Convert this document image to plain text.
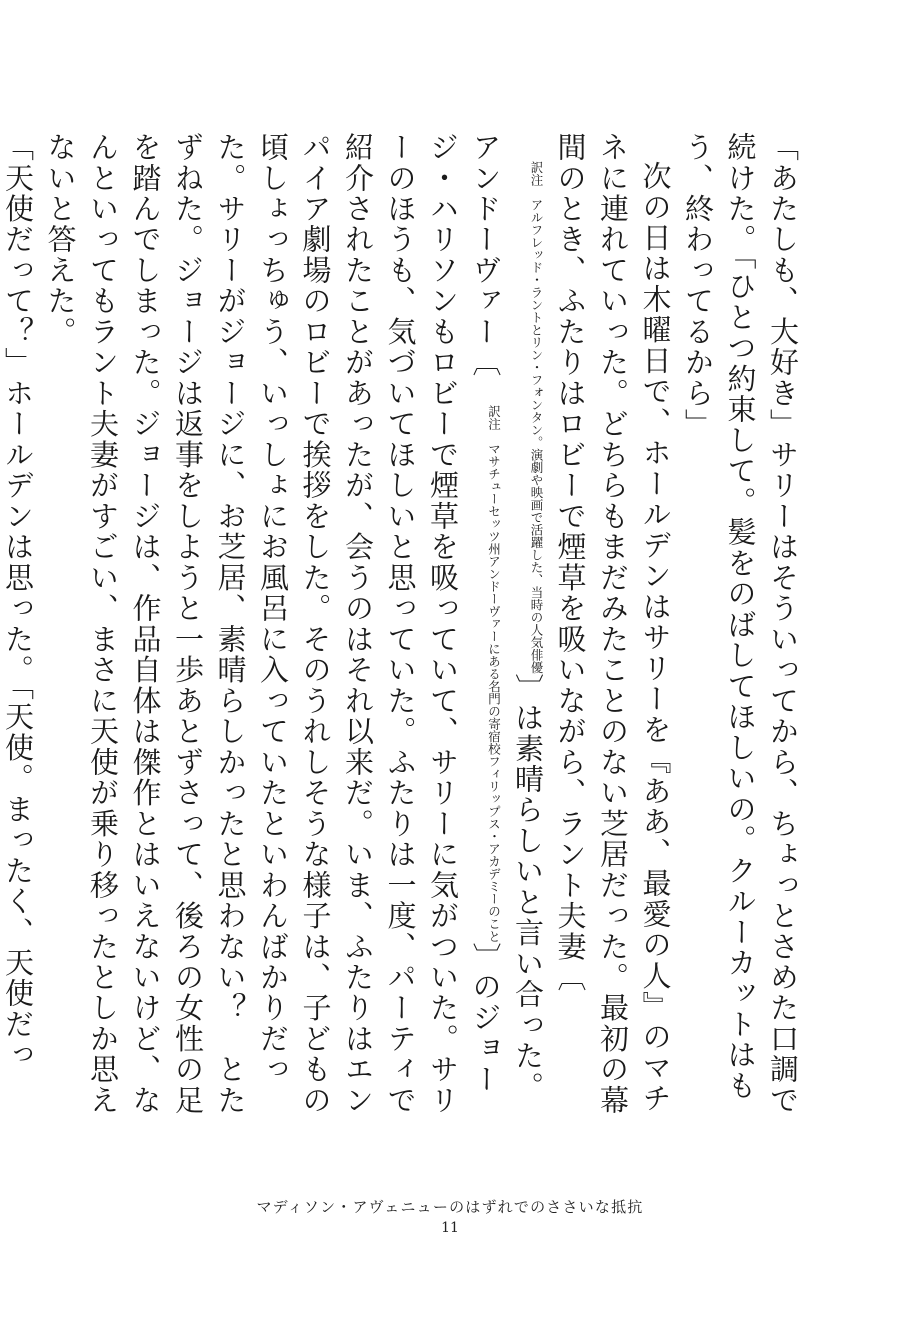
「あたしも、大好き」サリーはそういってから、ちょっとさめた口調で続けた。「ひとつ約束して。髪をのばしてほしいの。クルーカットはもう、終わってるから」

次の日は木曜日で、ホールデンはサリーを『ああ、最愛の人』のマチネに連れていった。どちらもまだみたことのない芝居だった。最初の幕間のとき、ふたりはロビーで煙草を吸いながら、ラント夫妻〔訳注　アルフレッド・ラントとリン・フォンタン。演劇や映画で活躍した、当時の人気俳優〕は素晴らしいと言い合った。アンドーヴァー〔訳注　マサチューセッツ州アンドーヴァーにある名門の寄宿校フィリップス・アカデミーのこと〕のジョージ・ハリソンもロビーで煙草を吸っていて、サリーに気がついた。サリーのほうも、気づいてほしいと思っていた。ふたりは一度、パーティで紹介されたことがあったが、会うのはそれ以来だ。いま、ふたりはエンパイア劇場のロビーで挨拶をした。そのうれしそうな様子は、子どもの頃しょっちゅう、いっしょにお風呂に入っていたといわんばかりだった。サリーがジョージに、お芝居、素晴らしかったと思わない？　とたずねた。ジョージは返事をしようと一歩あとずさって、後ろの女性の足を踏んでしまった。ジョージは、作品自体は傑作とはいえないけど、なんといってもラント夫妻がすごい、まさに天使が乗り移ったとしか思えないと答えた。

「天使だって？」ホールデンは思った。「天使。まったく、天使だっ

マディソン・アヴェニューのはずれでのささいな抵抗
11
